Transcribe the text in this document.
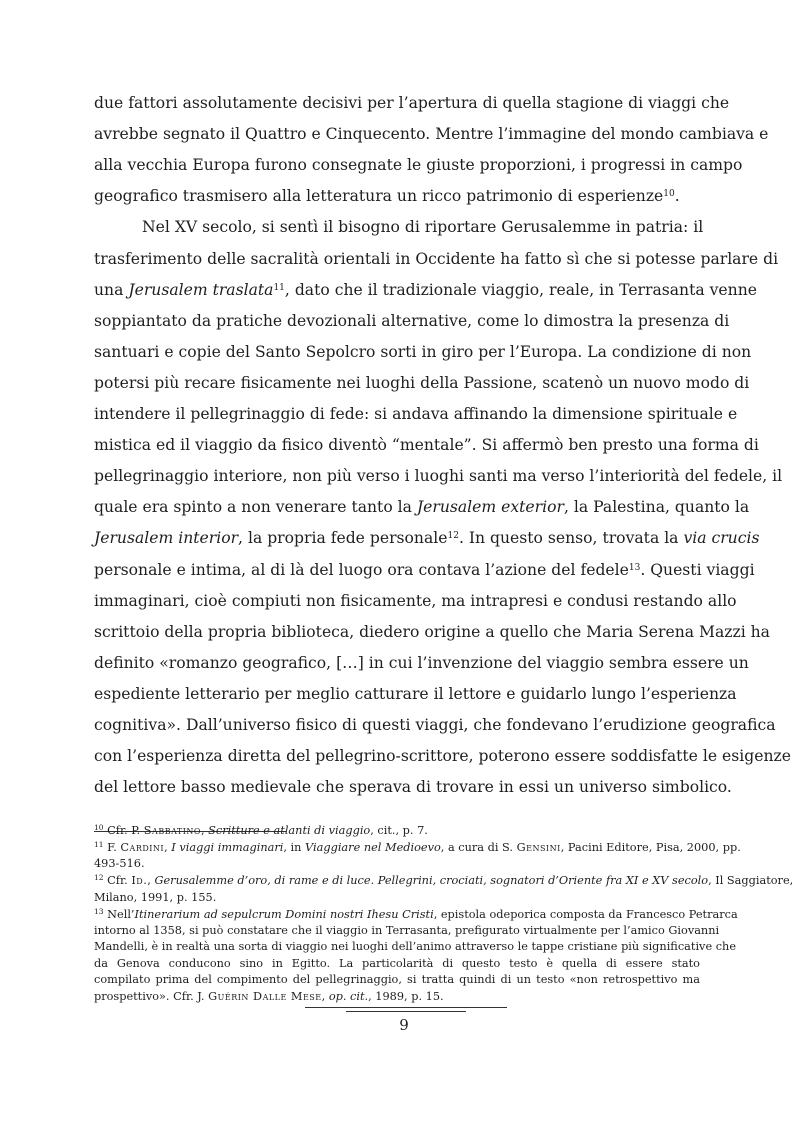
due fattori assolutamente decisivi per l’apertura di quella stagione di viaggi che
avrebbe segnato il Quattro e Cinquecento. Mentre l’immagine del mondo cambiava e
alla vecchia Europa furono consegnate le giuste proporzioni, i progressi in campo
geografico trasmisero alla letteratura un ricco patrimonio di esperienze$^{10}$.
Nel XV secolo, si sentì il bisogno di riportare Gerusalemme in patria: il
trasferimento delle sacralità orientali in Occidente ha fatto sì che si potesse parlare di
una Jerusalem traslata$^{11}$, dato che il tradizionale viaggio, reale, in Terrasanta venne
soppiantato da pratiche devozionali alternative, come lo dimostra la presenza di
santuari e copie del Santo Sepolcro sorti in giro per l’Europa. La condizione di non
potersi più recare fisicamente nei luoghi della Passione, scatenò un nuovo modo di
intendere il pellegrinaggio di fede: si andava affinando la dimensione spirituale e
mistica ed il viaggio da fisico diventò “mentale”. Si affermò ben presto una forma di
pellegrinaggio interiore, non più verso i luoghi santi ma verso l’interiorità del fedele, il
quale era spinto a non venerare tanto la Jerusalem exterior, la Palestina, quanto la
Jerusalem interior, la propria fede personale$^{12}$. In questo senso, trovata la via crucis
personale e intima, al di là del luogo ora contava l’azione del fedele$^{13}$. Questi viaggi
immaginari, cioè compiuti non fisicamente, ma intrapresi e condusi restando allo
scrittoio della propria biblioteca, diedero origine a quello che Maria Serena Mazzi ha
definito «romanzo geografico, […] in cui l’invenzione del viaggio sembra essere un
espediente letterario per meglio catturare il lettore e guidarlo lungo l’esperienza
cognitiva». Dall’universo fisico di questi viaggi, che fondevano l’erudizione geografica
con l’esperienza diretta del pellegrino-scrittore, poterono essere soddisfatte le esigenze
del lettore basso medievale che sperava di trovare in essi un universo simbolico.
$^{10}$ Cfr. P. Sabbatino, Scritture e atlanti di viaggio, cit., p. 7.
$^{11}$ F. Cardini, I viaggi immaginari, in Viaggiare nel Medioevo, a cura di S. Gensini, Pacini Editore, Pisa, 2000, pp.
493-516.
$^{12}$ Cfr. Id., Gerusalemme d’oro, di rame e di luce. Pellegrini, crociati, sognatori d’Oriente fra XI e XV secolo, Il Saggiatore,
Milano, 1991, p. 155.
$^{13}$ Nell’Itinerarium ad sepulcrum Domini nostri Ihesu Cristi, epistola odeporica composta da Francesco Petrarca
intorno al 1358, si può constatare che il viaggio in Terrasanta, prefigurato virtualmente per l’amico Giovanni
Mandelli, è in realtà una sorta di viaggio nei luoghi dell’animo attraverso le tappe cristiane più significative che
da Genova conducono sino in Egitto. La particolarità di questo testo è quella di essere stato
compilato prima del compimento del pellegrinaggio, si tratta quindi di un testo «non retrospettivo ma
prospettivo». Cfr. J. Guérin Dalle Mese, op. cit., 1989, p. 15.
9
